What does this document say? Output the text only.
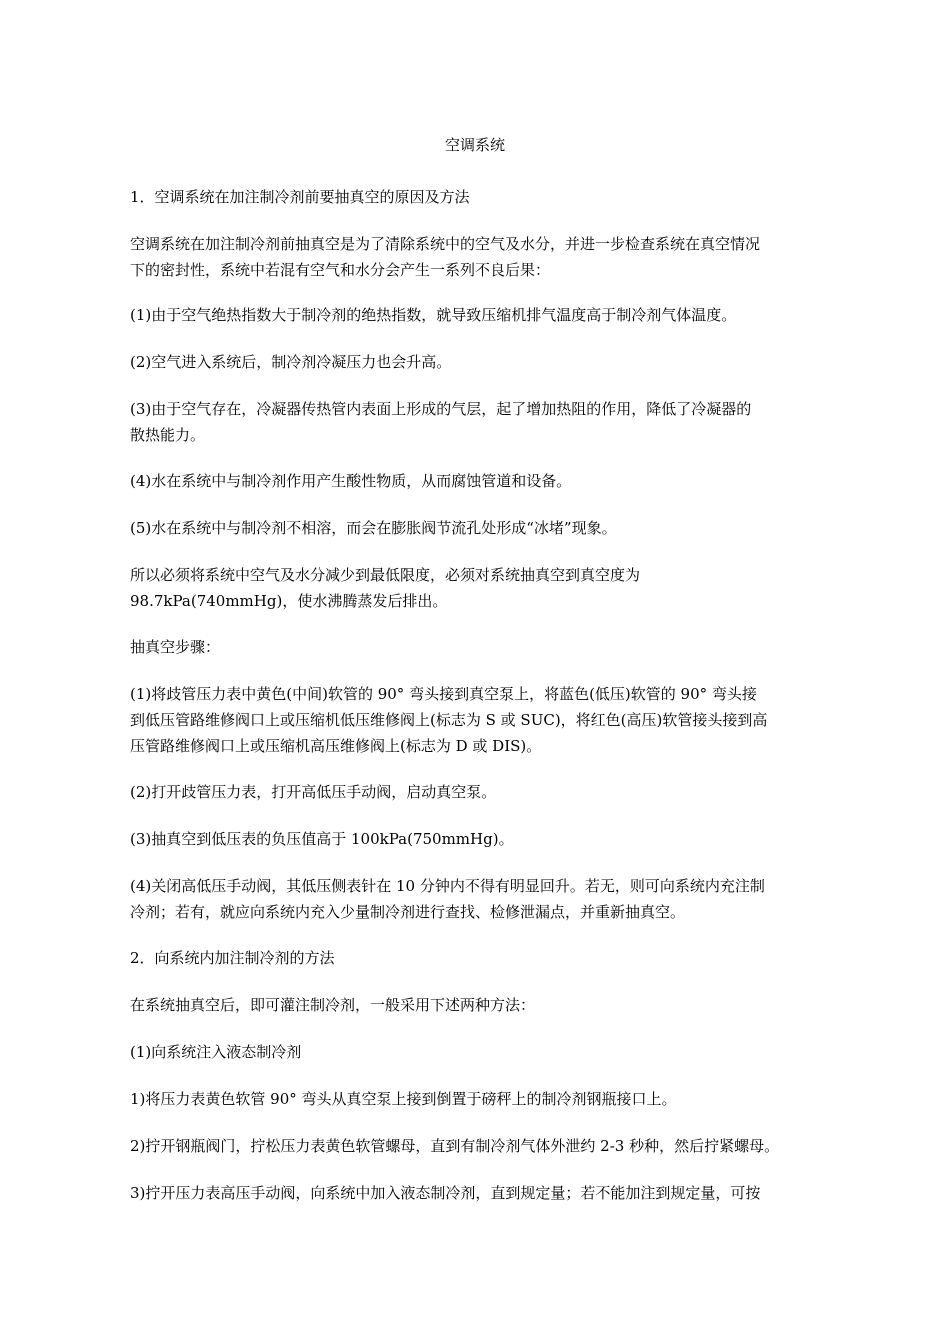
空调系统

1．空调系统在加注制冷剂前要抽真空的原因及方法

空调系统在加注制冷剂前抽真空是为了清除系统中的空气及水分，并进一步检查系统在真空情况
下的密封性，系统中若混有空气和水分会产生一系列不良后果：

(1)由于空气绝热指数大于制冷剂的绝热指数，就导致压缩机排气温度高于制冷剂气体温度。

(2)空气进入系统后，制冷剂冷凝压力也会升高。

(3)由于空气存在，冷凝器传热管内表面上形成的气层，起了增加热阻的作用，降低了冷凝器的
散热能力。

(4)水在系统中与制冷剂作用产生酸性物质，从而腐蚀管道和设备。

(5)水在系统中与制冷剂不相溶，而会在膨胀阀节流孔处形成“冰堵”现象。

所以必须将系统中空气及水分减少到最低限度，必须对系统抽真空到真空度为
98.7kPa(740mmHg)，使水沸腾蒸发后排出。

抽真空步骤：

(1)将歧管压力表中黄色(中间)软管的 90° 弯头接到真空泵上，将蓝色(低压)软管的 90° 弯头接
到低压管路维修阀口上或压缩机低压维修阀上(标志为 S 或 SUC)，将红色(高压)软管接头接到高
压管路维修阀口上或压缩机高压维修阀上(标志为 D 或 DIS)。

(2)打开歧管压力表，打开高低压手动阀，启动真空泵。

(3)抽真空到低压表的负压值高于 100kPa(750mmHg)。

(4)关闭高低压手动阀，其低压侧表针在 10 分钟内不得有明显回升。若无，则可向系统内充注制
冷剂；若有，就应向系统内充入少量制冷剂进行查找、检修泄漏点，并重新抽真空。

2．向系统内加注制冷剂的方法

在系统抽真空后，即可灌注制冷剂，一般采用下述两种方法：

(1)向系统注入液态制冷剂

1)将压力表黄色软管 90° 弯头从真空泵上接到倒置于磅秤上的制冷剂钢瓶接口上。

2)拧开钢瓶阀门，拧松压力表黄色软管螺母，直到有制冷剂气体外泄约 2-3 秒种，然后拧紧螺母。

3)拧开压力表高压手动阀，向系统中加入液态制冷剂，直到规定量；若不能加注到规定量，可按
